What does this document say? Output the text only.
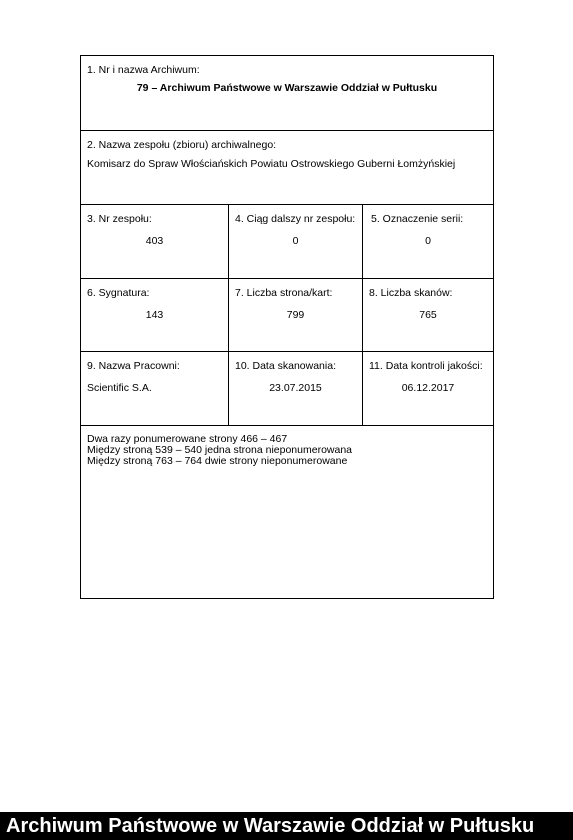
1. Nr i nazwa Archiwum:
79 – Archiwum Państwowe w Warszawie Oddział w Pułtusku
2. Nazwa zespołu (zbioru) archiwalnego:
Komisarz do Spraw Włościańskich Powiatu Ostrowskiego Guberni Łomżyńskiej
3. Nr zespołu:
403
4. Ciąg dalszy nr zespołu:
0
5. Oznaczenie serii:
0
6. Sygnatura:
143
7. Liczba strona/kart:
799
8. Liczba skanów:
765
9. Nazwa Pracowni:
Scientific S.A.
10. Data skanowania:
23.07.2015
11. Data kontroli jakości:
06.12.2017
Dwa razy ponumerowane strony 466 – 467
Między stroną 539 – 540 jedna strona nieponumerowana
Między stroną 763 – 764 dwie strony nieponumerowane
Archiwum Państwowe w Warszawie Oddział w Pułtusku
